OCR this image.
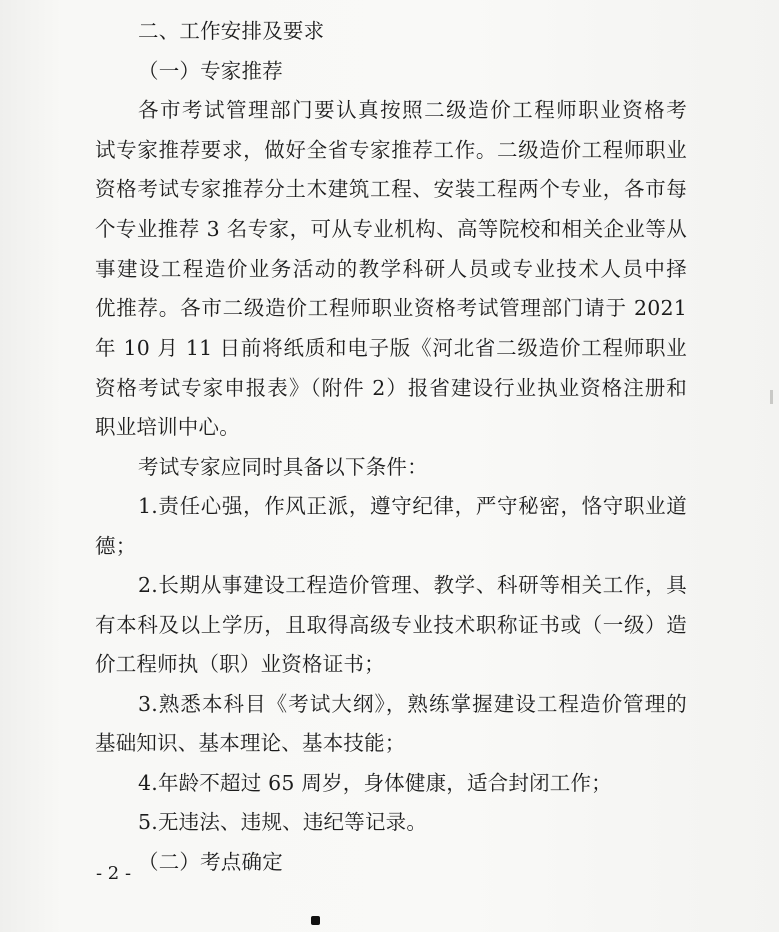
二、工作安排及要求
（一）专家推荐
各市考试管理部门要认真按照二级造价工程师职业资格考
试专家推荐要求，做好全省专家推荐工作。二级造价工程师职业
资格考试专家推荐分土木建筑工程、安装工程两个专业，各市每
个专业推荐 3 名专家，可从专业机构、高等院校和相关企业等从
事建设工程造价业务活动的教学科研人员或专业技术人员中择
优推荐。各市二级造价工程师职业资格考试管理部门请于 2021
年 10 月 11 日前将纸质和电子版《河北省二级造价工程师职业
资格考试专家申报表》（附件 2）报省建设行业执业资格注册和
职业培训中心。
考试专家应同时具备以下条件：
1.责任心强，作风正派，遵守纪律，严守秘密，恪守职业道
德；
2.长期从事建设工程造价管理、教学、科研等相关工作，具
有本科及以上学历，且取得高级专业技术职称证书或（一级）造
价工程师执（职）业资格证书；
3.熟悉本科目《考试大纲》，熟练掌握建设工程造价管理的
基础知识、基本理论、基本技能；
4.年龄不超过 65 周岁，身体健康，适合封闭工作；
5.无违法、违规、违纪等记录。
（二）考点确定
- 2 -
